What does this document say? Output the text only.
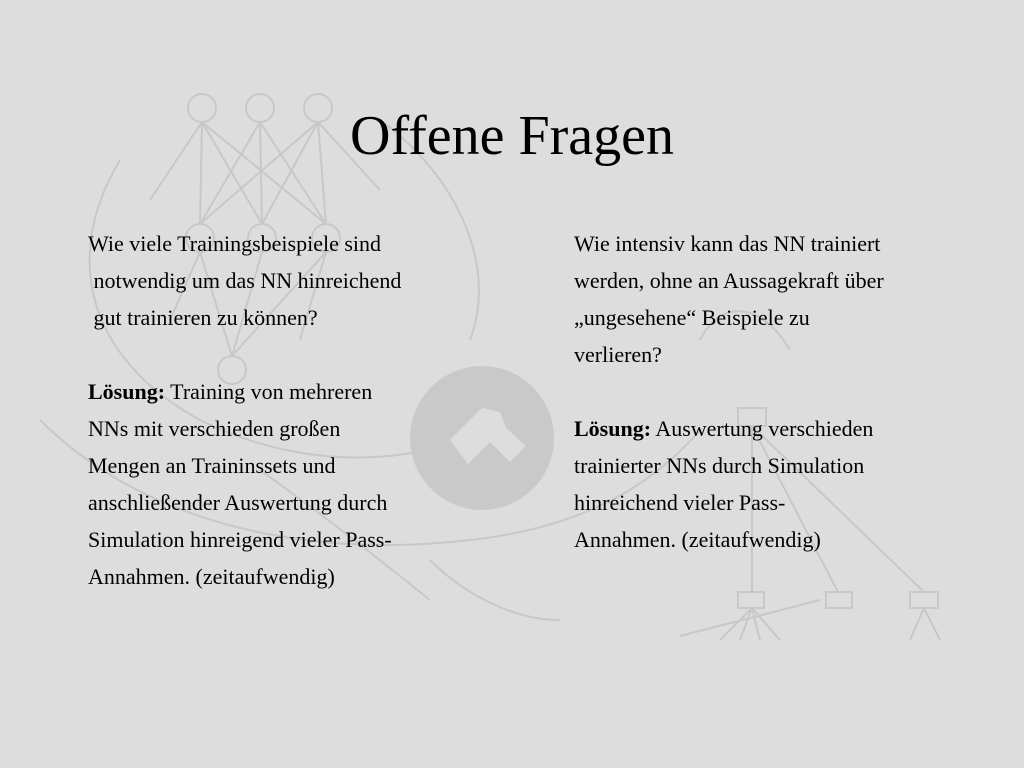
Offene Fragen
Wie viele Trainingsbeispiele sind
notwendig um das NN hinreichend
gut trainieren zu können?
Lösung: Training von mehreren
NNs mit verschieden großen
Mengen an Traininssets und
anschließender Auswertung durch
Simulation hinreigend vieler Pass-
Annahmen. (zeitaufwendig)
Wie intensiv kann das NN trainiert
werden, ohne an Aussagekraft über
„ungesehene“ Beispiele zu
verlieren?
Lösung: Auswertung verschieden
trainierter NNs durch Simulation
hinreichend vieler Pass-
Annahmen. (zeitaufwendig)
